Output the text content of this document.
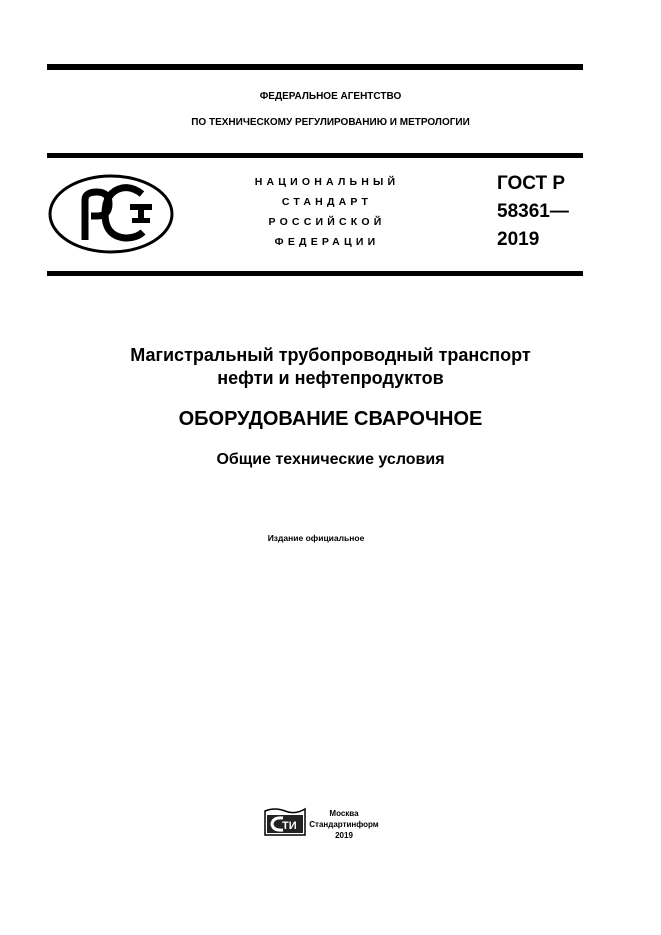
ФЕДЕРАЛЬНОЕ АГЕНТСТВО
ПО ТЕХНИЧЕСКОМУ РЕГУЛИРОВАНИЮ И МЕТРОЛОГИИ
НАЦИОНАЛЬНЫЙ
СТАНДАРТ
РОССИЙСКОЙ
ФЕДЕРАЦИИ
ГОСТ Р
58361—
2019
Магистральный трубопроводный транспорт
нефти и нефтепродуктов
ОБОРУДОВАНИЕ СВАРОЧНОЕ
Общие технические условия
Издание официальное
ТИ
Москва
Стандартинформ
2019
